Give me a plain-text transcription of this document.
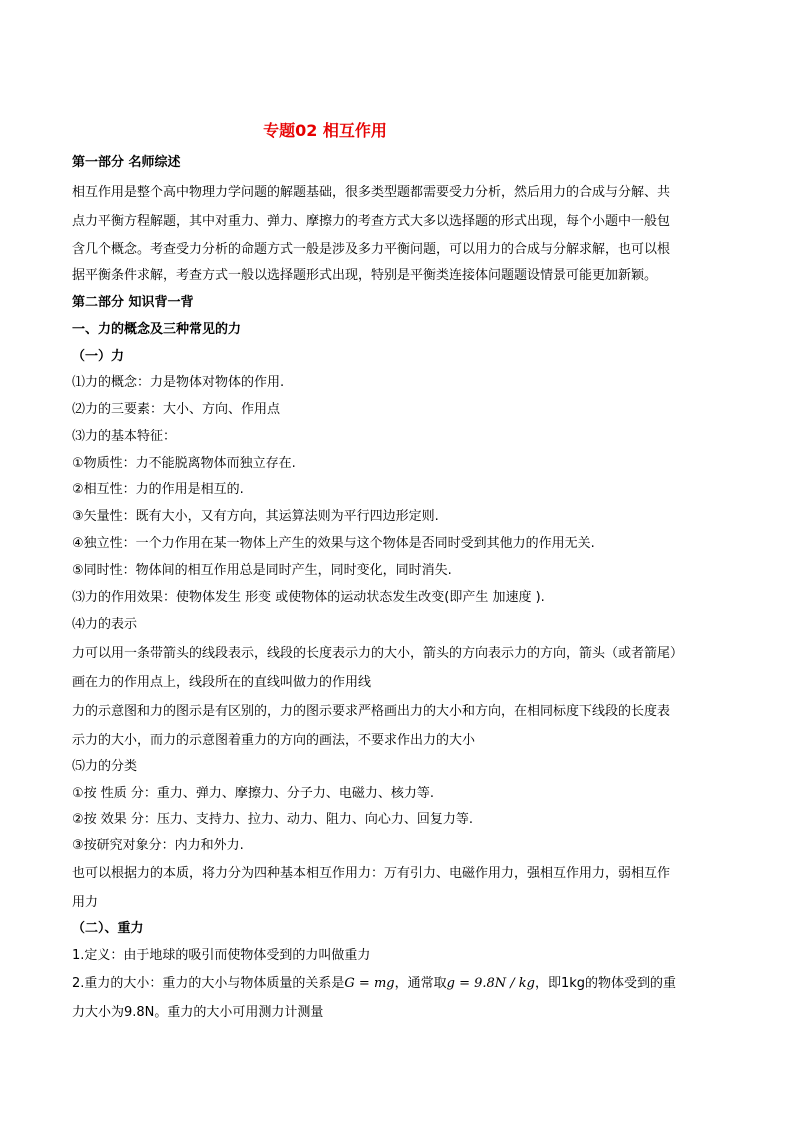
专题02 相互作用
第一部分 名师综述
相互作用是整个高中物理力学问题的解题基础，很多类型题都需要受力分析，然后用力的合成与分解、共
点力平衡方程解题，其中对重力、弹力、摩擦力的考查方式大多以选择题的形式出现，每个小题中一般包
含几个概念。考查受力分析的命题方式一般是涉及多力平衡问题，可以用力的合成与分解求解，也可以根
据平衡条件求解，考查方式一般以选择题形式出现，特别是平衡类连接体问题题设情景可能更加新颖。
第二部分 知识背一背
一、力的概念及三种常见的力
（一）力
⑴力的概念：力是物体对物体的作用.
⑵力的三要素：大小、方向、作用点
⑶力的基本特征：
①物质性：力不能脱离物体而独立存在.
②相互性：力的作用是相互的.
③矢量性：既有大小，又有方向，其运算法则为平行四边形定则.
④独立性：一个力作用在某一物体上产生的效果与这个物体是否同时受到其他力的作用无关.
⑤同时性：物体间的相互作用总是同时产生，同时变化，同时消失.
⑶力的作用效果：使物体发生 形变 或使物体的运动状态发生改变(即产生 加速度 ).
⑷力的表示
力可以用一条带箭头的线段表示，线段的长度表示力的大小，箭头的方向表示力的方向，箭头（或者箭尾）
画在力的作用点上，线段所在的直线叫做力的作用线
力的示意图和力的图示是有区别的，力的图示要求严格画出力的大小和方向，在相同标度下线段的长度表
示力的大小，而力的示意图着重力的方向的画法，不要求作出力的大小
⑸力的分类
①按 性质 分：重力、弹力、摩擦力、分子力、电磁力、核力等.
②按 效果 分：压力、支持力、拉力、动力、阻力、向心力、回复力等.
③按研究对象分：内力和外力.
也可以根据力的本质，将力分为四种基本相互作用力：万有引力、电磁作用力，强相互作用力，弱相互作
用力
（二）、重力
1.定义：由于地球的吸引而使物体受到的力叫做重力
2.重力的大小：重力的大小与物体质量的关系是G = mg，通常取g = 9.8N / kg，即1kg的物体受到的重
力大小为9.8N。重力的大小可用测力计测量
